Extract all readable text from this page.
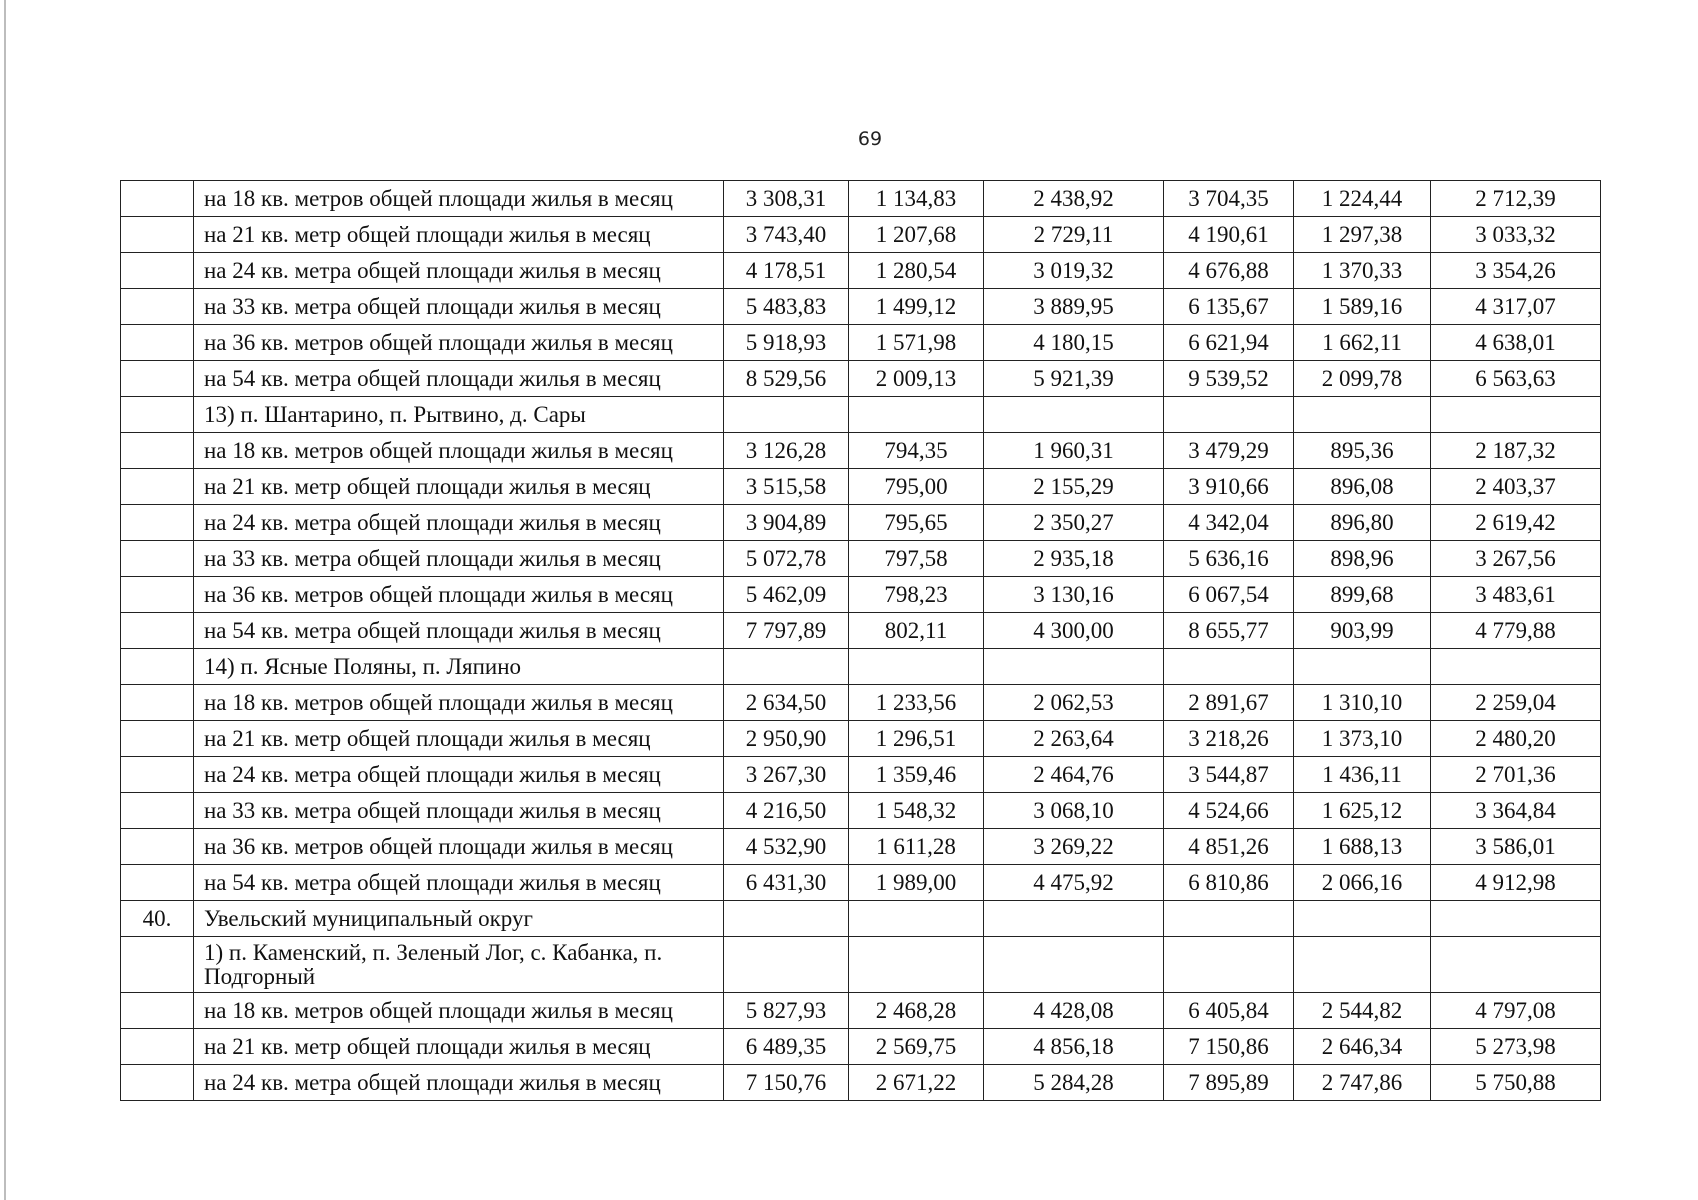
69
	на 18 кв. метров общей площади жилья в месяц	3 308,31	1 134,83	2 438,92	3 704,35	1 224,44	2 712,39
	на 21 кв. метр общей площади жилья в месяц	3 743,40	1 207,68	2 729,11	4 190,61	1 297,38	3 033,32
	на 24 кв. метра общей площади жилья в месяц	4 178,51	1 280,54	3 019,32	4 676,88	1 370,33	3 354,26
	на 33 кв. метра общей площади жилья в месяц	5 483,83	1 499,12	3 889,95	6 135,67	1 589,16	4 317,07
	на 36 кв. метров общей площади жилья в месяц	5 918,93	1 571,98	4 180,15	6 621,94	1 662,11	4 638,01
	на 54 кв. метра общей площади жилья в месяц	8 529,56	2 009,13	5 921,39	9 539,52	2 099,78	6 563,63
	13) п. Шантарино, п. Рытвино, д. Сары						
	на 18 кв. метров общей площади жилья в месяц	3 126,28	794,35	1 960,31	3 479,29	895,36	2 187,32
	на 21 кв. метр общей площади жилья в месяц	3 515,58	795,00	2 155,29	3 910,66	896,08	2 403,37
	на 24 кв. метра общей площади жилья в месяц	3 904,89	795,65	2 350,27	4 342,04	896,80	2 619,42
	на 33 кв. метра общей площади жилья в месяц	5 072,78	797,58	2 935,18	5 636,16	898,96	3 267,56
	на 36 кв. метров общей площади жилья в месяц	5 462,09	798,23	3 130,16	6 067,54	899,68	3 483,61
	на 54 кв. метра общей площади жилья в месяц	7 797,89	802,11	4 300,00	8 655,77	903,99	4 779,88
	14) п. Ясные Поляны, п. Ляпино						
	на 18 кв. метров общей площади жилья в месяц	2 634,50	1 233,56	2 062,53	2 891,67	1 310,10	2 259,04
	на 21 кв. метр общей площади жилья в месяц	2 950,90	1 296,51	2 263,64	3 218,26	1 373,10	2 480,20
	на 24 кв. метра общей площади жилья в месяц	3 267,30	1 359,46	2 464,76	3 544,87	1 436,11	2 701,36
	на 33 кв. метра общей площади жилья в месяц	4 216,50	1 548,32	3 068,10	4 524,66	1 625,12	3 364,84
	на 36 кв. метров общей площади жилья в месяц	4 532,90	1 611,28	3 269,22	4 851,26	1 688,13	3 586,01
	на 54 кв. метра общей площади жилья в месяц	6 431,30	1 989,00	4 475,92	6 810,86	2 066,16	4 912,98
40.	Увельский муниципальный округ						
	1) п. Каменский, п. Зеленый Лог, с. Кабанка, п. Подгорный						
	на 18 кв. метров общей площади жилья в месяц	5 827,93	2 468,28	4 428,08	6 405,84	2 544,82	4 797,08
	на 21 кв. метр общей площади жилья в месяц	6 489,35	2 569,75	4 856,18	7 150,86	2 646,34	5 273,98
	на 24 кв. метра общей площади жилья в месяц	7 150,76	2 671,22	5 284,28	7 895,89	2 747,86	5 750,88
